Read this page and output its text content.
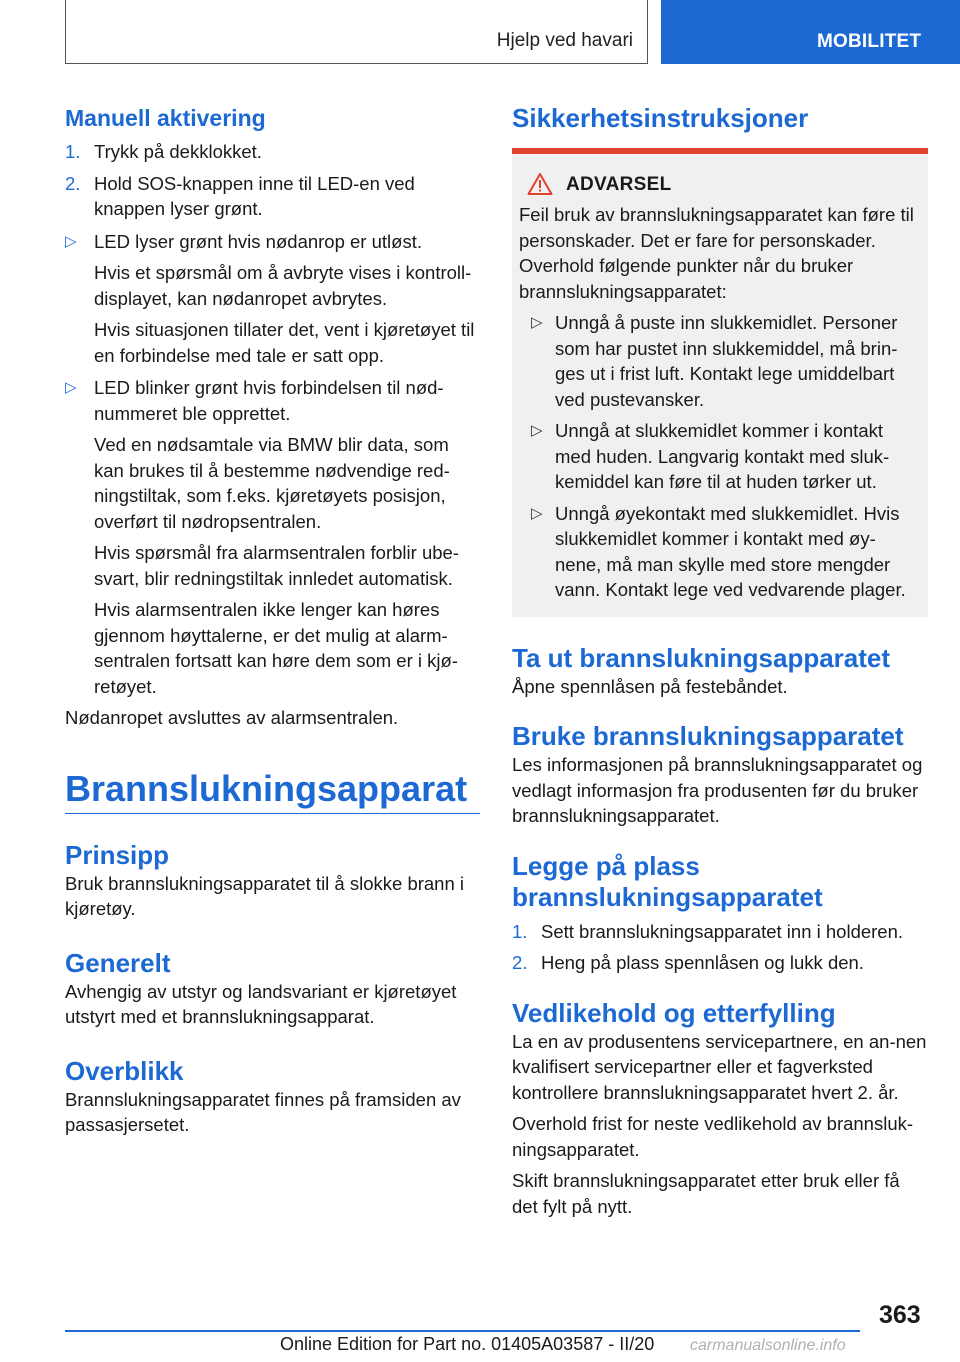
Hjelp ved havari	MOBILITET
Manuell aktivering
1. Trykk på dekklokket.

2. Hold SOS-knappen inne til LED-en ved knappen lyser grønt.

▷ LED lyser grønt hvis nødanrop er utløst.

Hvis et spørsmål om å avbryte vises i kontroll-displayet, kan nødanropet avbrytes.

Hvis situasjonen tillater det, vent i kjøretøyet til en forbindelse med tale er satt opp.

▷ LED blinker grønt hvis forbindelsen til nød-nummeret ble opprettet.

Ved en nødsamtale via BMW blir data, som kan brukes til å bestemme nødvendige red-ningstiltak, som f.eks. kjøretøyets posisjon, overført til nødropsentralen.

Hvis spørsmål fra alarmsentralen forblir ube-svart, blir redningstiltak innledet automatisk.

Hvis alarmsentralen ikke lenger kan høres gjennom høyttalerne, er det mulig at alarm-sentralen fortsatt kan høre dem som er i kjø-retøyet.

Nødanropet avsluttes av alarmsentralen.

Brannslukningsapparat
Prinsipp

Bruk brannslukningsapparatet til å slokke brann i kjøretøy.

Generelt

Avhengig av utstyr og landsvariant er kjøretøyet utstyrt med et brannslukningsapparat.

Overblikk

Brannslukningsapparatet finnes på framsiden av passasjersetet.

Sikkerhetsinstruksjoner
ADVARSEL

Feil bruk av brannslukningsapparatet kan føre til personskader. Det er fare for personskader. Overhold følgende punkter når du bruker brannslukningsapparatet:

▷ Unngå å puste inn slukkemidlet. Personer som har pustet inn slukkemiddel, må brin-ges ut i frist luft. Kontakt lege umiddelbart ved pustevansker.

▷ Unngå at slukkemidlet kommer i kontakt med huden. Langvarig kontakt med sluk-kemiddel kan føre til at huden tørker ut.

▷ Unngå øyekontakt med slukkemidlet. Hvis slukkemidlet kommer i kontakt med øy-nene, må man skylle med store mengder vann. Kontakt lege ved vedvarende plager.

Ta ut brannslukningsapparatet

Åpne spennlåsen på festebåndet.

Bruke brannslukningsapparatet

Les informasjonen på brannslukningsapparatet og vedlagt informasjon fra produsenten før du bruker brannslukningsapparatet.

Legge på plass brannslukningsapparatet
1. Sett brannslukningsapparatet inn i holderen.

2. Heng på plass spennlåsen og lukk den.

Vedlikehold og etterfylling

La en av produsentens servicepartnere, en an-nen kvalifisert servicepartner eller et fagverksted kontrollere brannslukningsapparatet hvert 2. år.

Overhold frist for neste vedlikehold av brannsluk-ningsapparatet.

Skift brannslukningsapparatet etter bruk eller få det fylt på nytt.

363
Online Edition for Part no. 01405A03587 - II/20 carmanualsonline.info
